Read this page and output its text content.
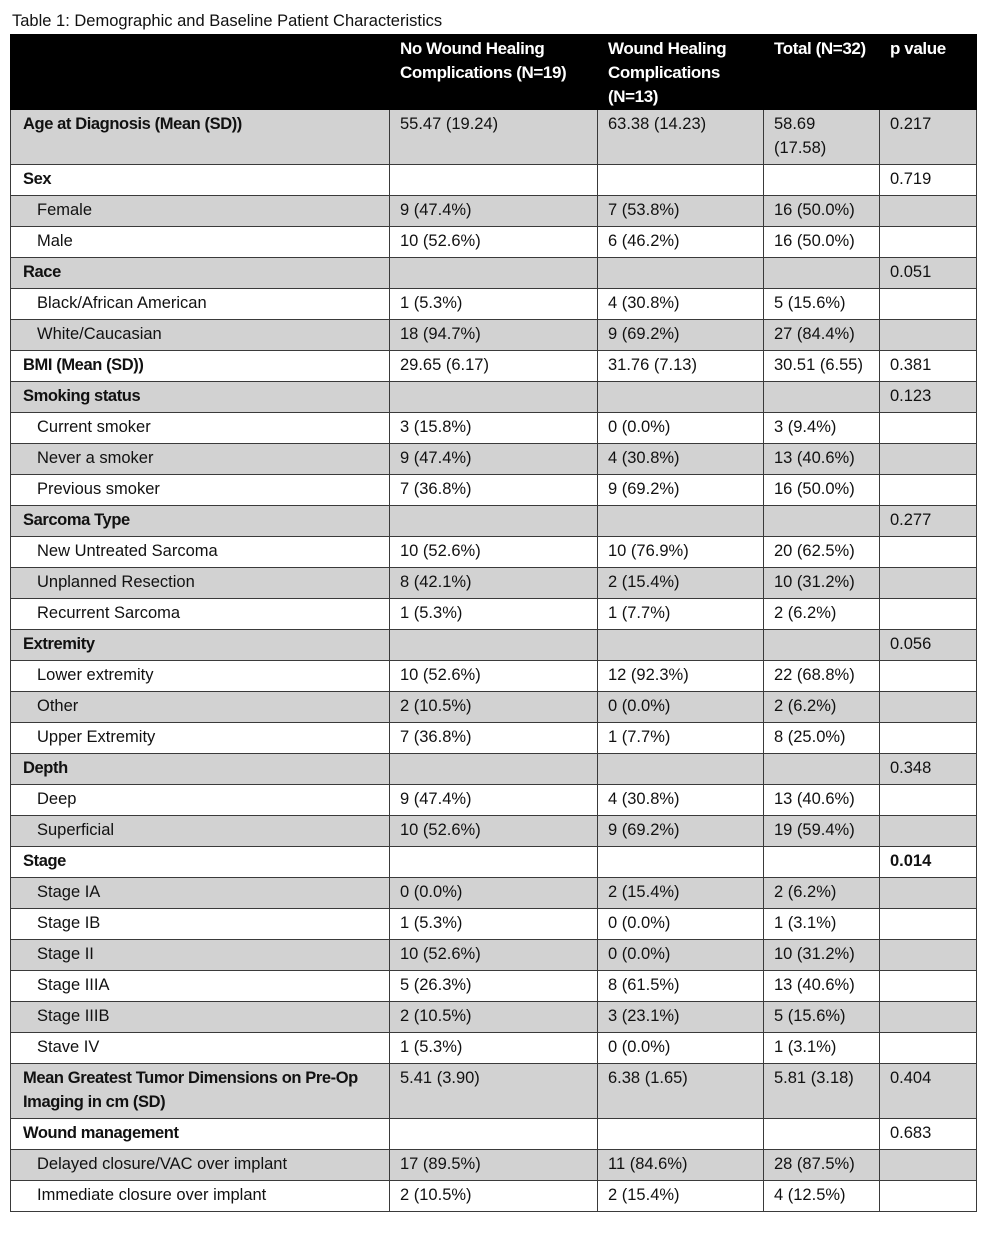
Table 1: Demographic and Baseline Patient Characteristics
	No Wound Healing Complications (N=19)	Wound Healing Complications (N=13)	Total (N=32)	p value
Age at Diagnosis (Mean (SD))	55.47 (19.24)	63.38 (14.23)	58.69 (17.58)	0.217
Sex				0.719
Female	9 (47.4%)	7 (53.8%)	16 (50.0%)	
Male	10 (52.6%)	6 (46.2%)	16 (50.0%)	
Race				0.051
Black/African American	1 (5.3%)	4 (30.8%)	5 (15.6%)	
White/Caucasian	18 (94.7%)	9 (69.2%)	27 (84.4%)	
BMI (Mean (SD))	29.65 (6.17)	31.76 (7.13)	30.51 (6.55)	0.381
Smoking status				0.123
Current smoker	3 (15.8%)	0 (0.0%)	3 (9.4%)	
Never a smoker	9 (47.4%)	4 (30.8%)	13 (40.6%)	
Previous smoker	7 (36.8%)	9 (69.2%)	16 (50.0%)	
Sarcoma Type				0.277
New Untreated Sarcoma	10 (52.6%)	10 (76.9%)	20 (62.5%)	
Unplanned Resection	8 (42.1%)	2 (15.4%)	10 (31.2%)	
Recurrent Sarcoma	1 (5.3%)	1 (7.7%)	2 (6.2%)	
Extremity				0.056
Lower extremity	10 (52.6%)	12 (92.3%)	22 (68.8%)	
Other	2 (10.5%)	0 (0.0%)	2 (6.2%)	
Upper Extremity	7 (36.8%)	1 (7.7%)	8 (25.0%)	
Depth				0.348
Deep	9 (47.4%)	4 (30.8%)	13 (40.6%)	
Superficial	10 (52.6%)	9 (69.2%)	19 (59.4%)	
Stage				0.014
Stage IA	0 (0.0%)	2 (15.4%)	2 (6.2%)	
Stage IB	1 (5.3%)	0 (0.0%)	1 (3.1%)	
Stage II	10 (52.6%)	0 (0.0%)	10 (31.2%)	
Stage IIIA	5 (26.3%)	8 (61.5%)	13 (40.6%)	
Stage IIIB	2 (10.5%)	3 (23.1%)	5 (15.6%)	
Stave IV	1 (5.3%)	0 (0.0%)	1 (3.1%)	
Mean Greatest Tumor Dimensions on Pre-Op Imaging in cm (SD)	5.41 (3.90)	6.38 (1.65)	5.81 (3.18)	0.404
Wound management				0.683
Delayed closure/VAC over implant	17 (89.5%)	11 (84.6%)	28 (87.5%)	
Immediate closure over implant	2 (10.5%)	2 (15.4%)	4 (12.5%)	
